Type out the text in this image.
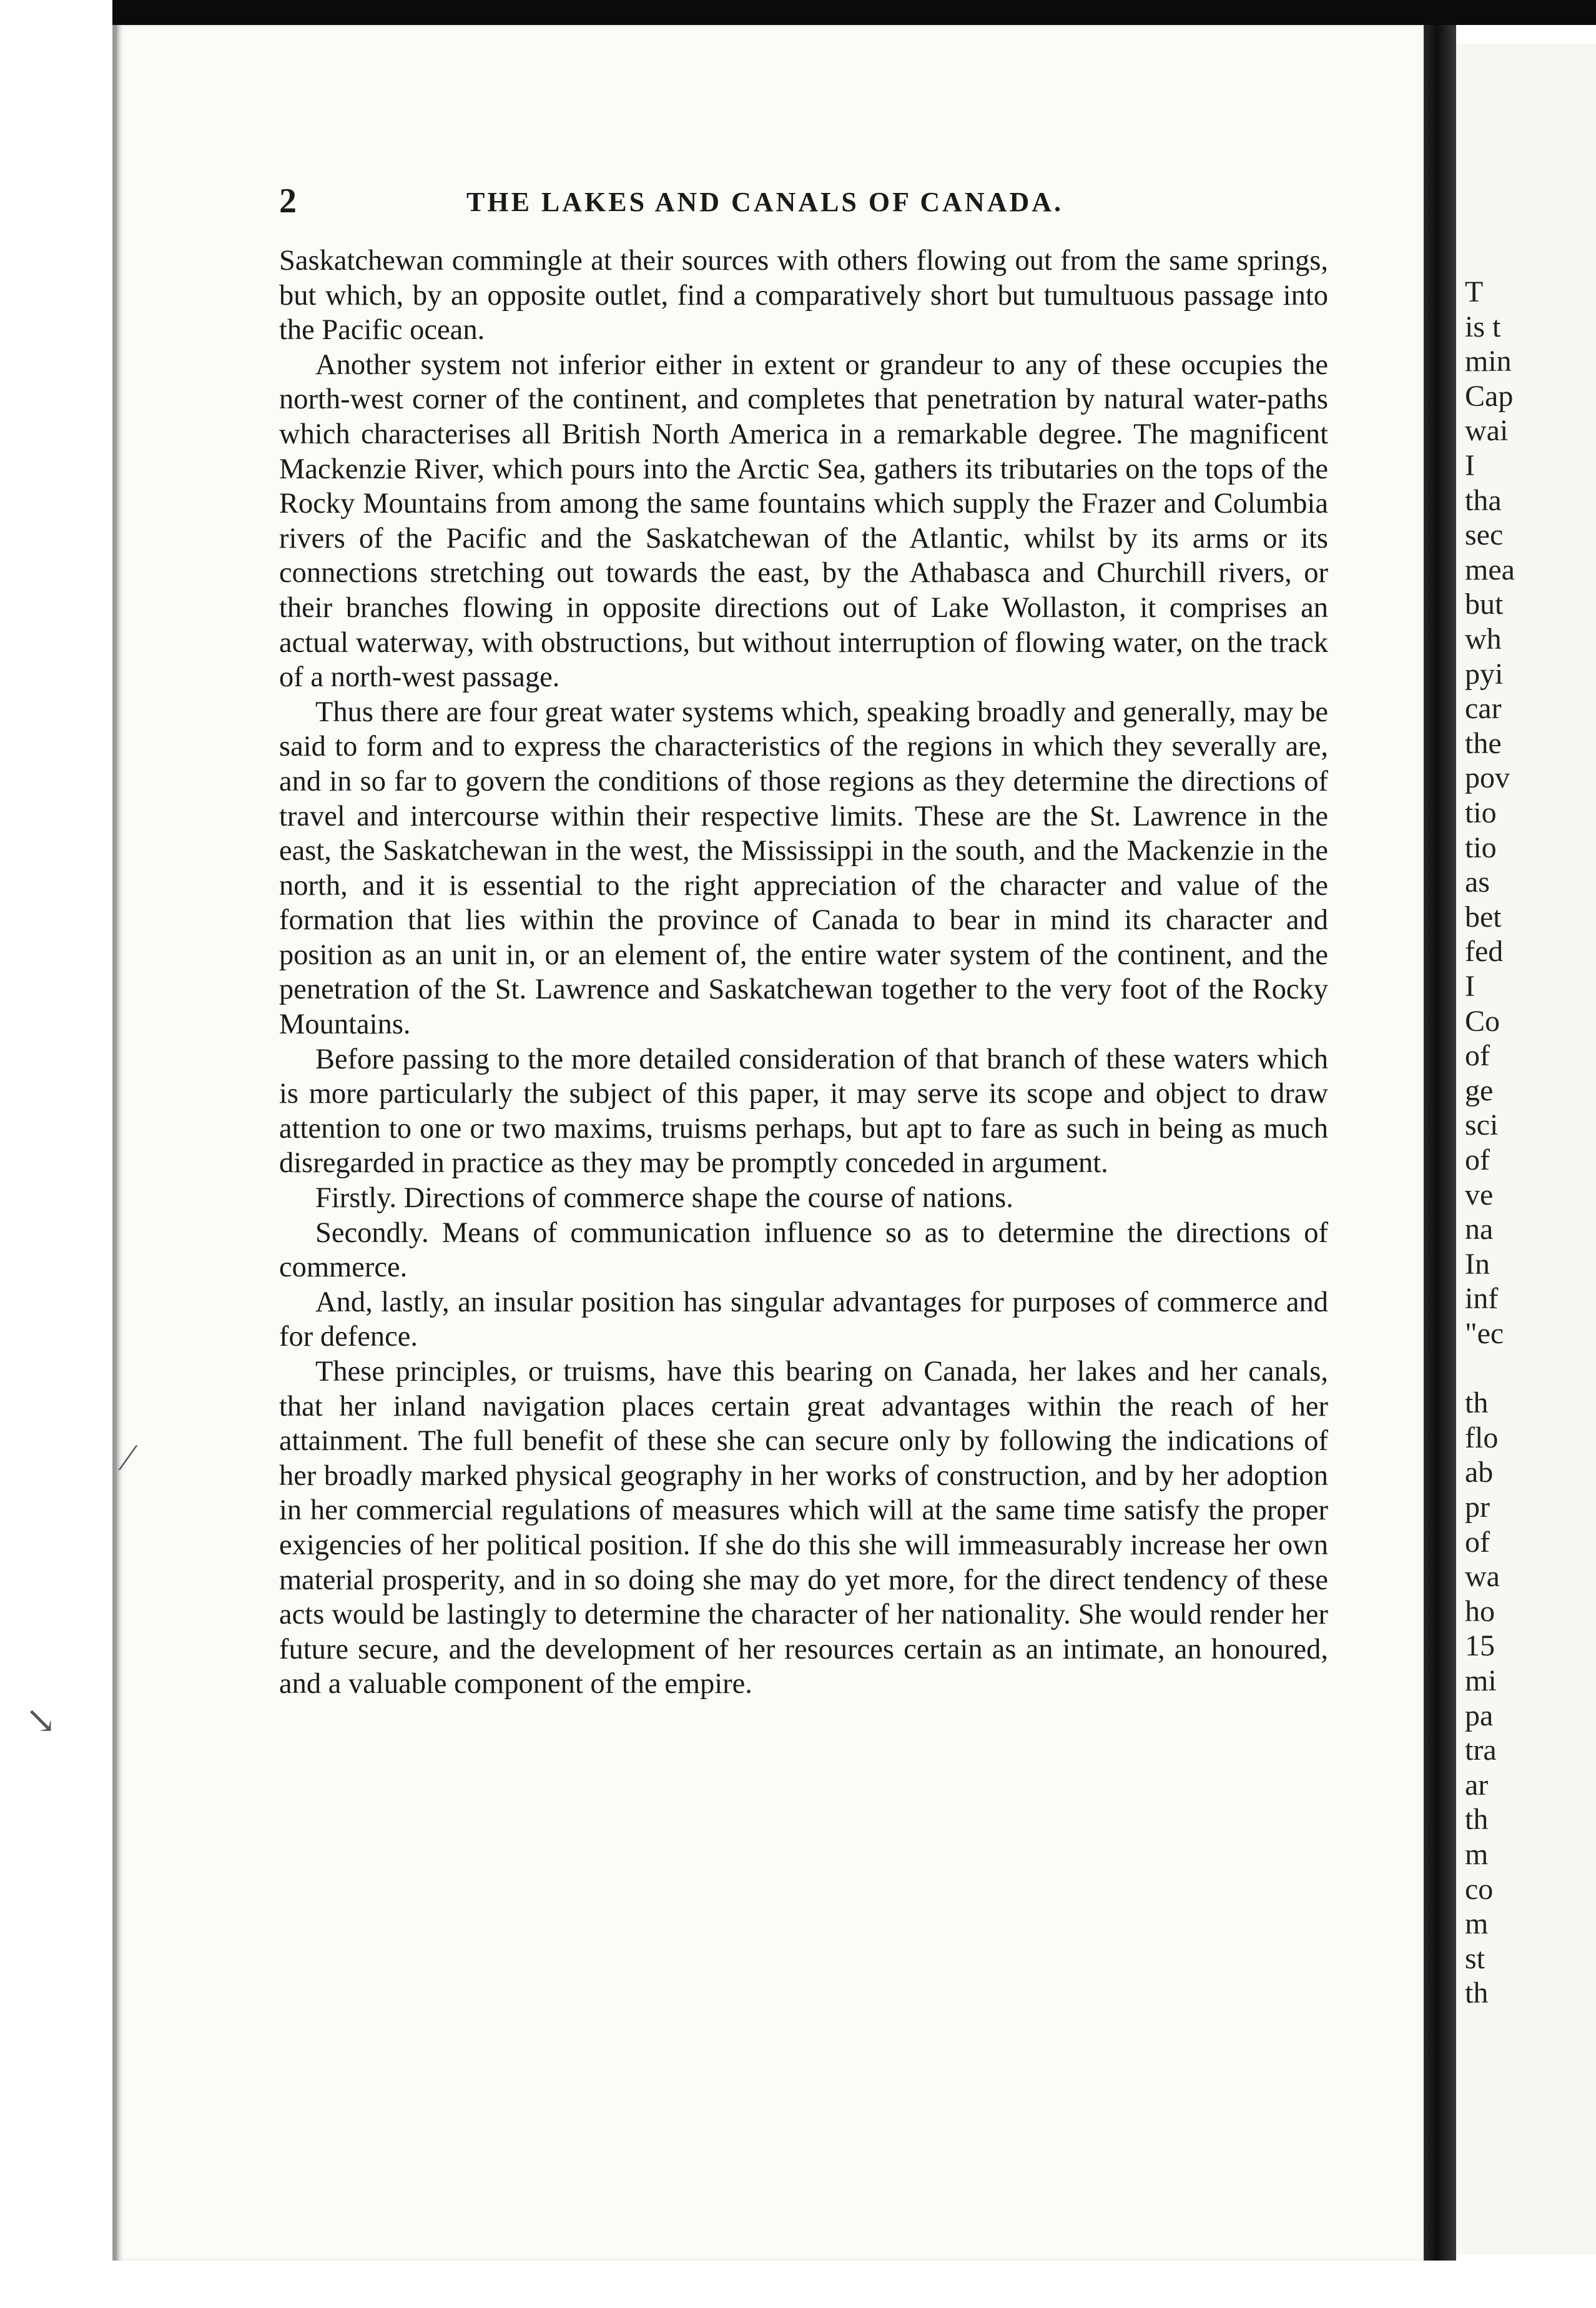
⁄
↘
2	THE LAKES AND CANALS OF CANADA.

Saskatchewan commingle at their sources with others flowing out from the same springs, but which, by an opposite outlet, find a comparatively short but tumultuous passage into the Pacific ocean.

Another system not inferior either in extent or grandeur to any of these occupies the north-west corner of the continent, and completes that penetration by natural water-paths which characterises all British North America in a remarkable degree. The magnificent Mackenzie River, which pours into the Arctic Sea, gathers its tributaries on the tops of the Rocky Mountains from among the same fountains which supply the Frazer and Columbia rivers of the Pacific and the Saskatchewan of the Atlantic, whilst by its arms or its connections stretching out towards the east, by the Athabasca and Churchill rivers, or their branches flowing in opposite directions out of Lake Wollaston, it comprises an actual waterway, with obstructions, but without interruption of flowing water, on the track of a north-west passage.

Thus there are four great water systems which, speaking broadly and generally, may be said to form and to express the characteristics of the regions in which they severally are, and in so far to govern the conditions of those regions as they determine the directions of travel and intercourse within their respective limits. These are the St. Lawrence in the east, the Saskatchewan in the west, the Mississippi in the south, and the Mackenzie in the north, and it is essential to the right appreciation of the character and value of the formation that lies within the province of Canada to bear in mind its character and position as an unit in, or an element of, the entire water system of the continent, and the penetration of the St. Lawrence and Saskatchewan together to the very foot of the Rocky Mountains.

Before passing to the more detailed consideration of that branch of these waters which is more particularly the subject of this paper, it may serve its scope and object to draw attention to one or two maxims, truisms perhaps, but apt to fare as such in being as much disregarded in practice as they may be promptly conceded in argument.

Firstly. Directions of commerce shape the course of nations.

Secondly. Means of communication influence so as to determine the directions of commerce.

And, lastly, an insular position has singular advantages for purposes of commerce and for defence.

These principles, or truisms, have this bearing on Canada, her lakes and her canals, that her inland navigation places certain great advantages within the reach of her attainment. The full benefit of these she can secure only by following the indications of her broadly marked physical geography in her works of construction, and by her adoption in her commercial regulations of measures which will at the same time satisfy the proper exigencies of her political position. If she do this she will immeasurably increase her own material prosperity, and in so doing she may do yet more, for the direct tendency of these acts would be lastingly to determine the character of her nationality. She would render her future secure, and the development of her resources certain as an intimate, an honoured, and a valuable component of the empire.

T
is t
min
Cap
wai
I
tha
sec
mea
but
wh
pyi
car
the
pov
tio
tio
as
bet
fed
I
Co
of
ge
sci
of
ve
na
In
inf
"ec
th
flo
ab
pr
of
wa
ho
15
mi
pa
tra
ar
th
m
co
m
st
th
